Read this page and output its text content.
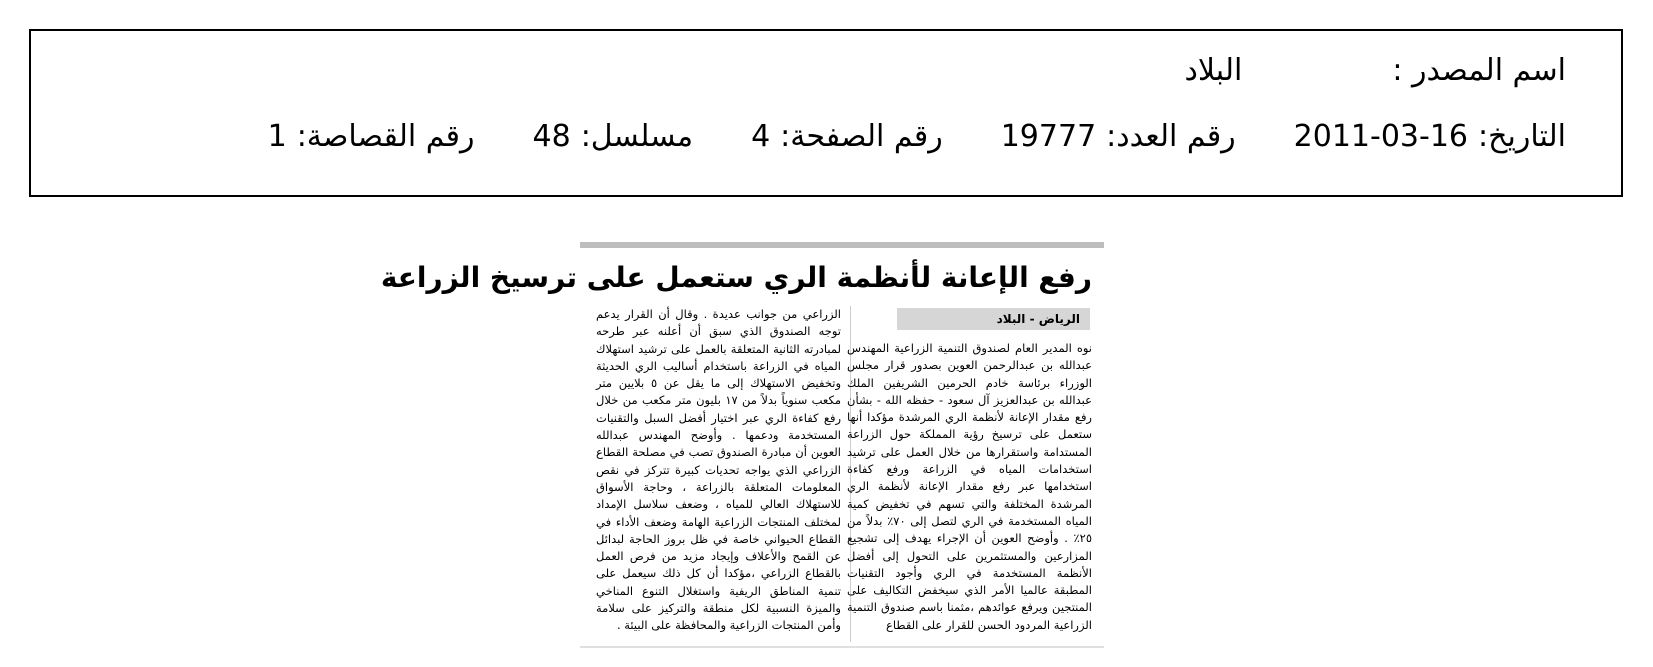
اسم المصدر :
البلاد
التاريخ:
2011-03-16
رقم العدد:
19777
رقم الصفحة:
4
مسلسل:
48
رقم القصاصة:
1
رفع الإعانة لأنظمة الري ستعمل على ترسيخ الزراعة
الرياض - البلاد
نوه المدير العام لصندوق التنمية الزراعية المهندس عبدالله بن عبدالرحمن العوين بصدور قرار مجلس الوزراء برئاسة خادم الحرمين الشريفين الملك عبدالله بن عبدالعزيز آل سعود - حفظه الله - بشأن رفع مقدار الإعانة لأنظمة الري المرشدة مؤكدا أنها ستعمل على ترسيخ رؤية المملكة حول الزراعة المستدامة واستقرارها من خلال العمل على ترشيد استخدامات المياه في الزراعة ورفع كفاءة استخدامها عبر رفع مقدار الإعانة لأنظمة الري المرشدة المختلفة والتي تسهم في تخفيض كمية المياه المستخدمة في الري لتصل إلى ٧٠٪ بدلاً من ٢٥٪ . وأوضح العوين أن الإجراء يهدف إلى تشجيع المزارعين والمستثمرين على التحول إلى أفضل الأنظمة المستخدمة في الري وأجود التقنيات المطبقة عالميا الأمر الذي سيخفض التكاليف على المنتجين ويرفع عوائدهم ،مثمنا باسم صندوق التنمية الزراعية المردود الحسن للقرار على القطاع
الزراعي من جوانب عديدة . وقال أن القرار يدعم توجه الصندوق الذي سبق أن أعلنه عبر طرحه لمبادرته الثانية المتعلقة بالعمل على ترشيد استهلاك المياه في الزراعة باستخدام أساليب الري الحديثة وتخفيض الاستهلاك إلى ما يقل عن ٥ بلايين متر مكعب سنوياً بدلاً من ١٧ بليون متر مكعب من خلال رفع كفاءة الري عبر اختيار أفضل السبل والتقنيات المستخدمة ودعمها . وأوضح المهندس عبدالله العوين أن مبادرة الصندوق تصب في مصلحة القطاع الزراعي الذي يواجه تحديات كبيرة تتركز في نقص المعلومات المتعلقة بالزراعة ، وحاجة الأسواق للاستهلاك العالي للمياه ، وضعف سلاسل الإمداد لمختلف المنتجات الزراعية الهامة وضعف الأداء في القطاع الحيواني خاصة في ظل بروز الحاجة لبدائل عن القمح والأعلاف وإيجاد مزيد من فرص العمل بالقطاع الزراعي ،مؤكدا أن كل ذلك سيعمل على تنمية المناطق الريفية واستغلال التنوع المناخي والميزة النسبية لكل منطقة والتركيز على سلامة وأمن المنتجات الزراعية والمحافظة على البيئة .
